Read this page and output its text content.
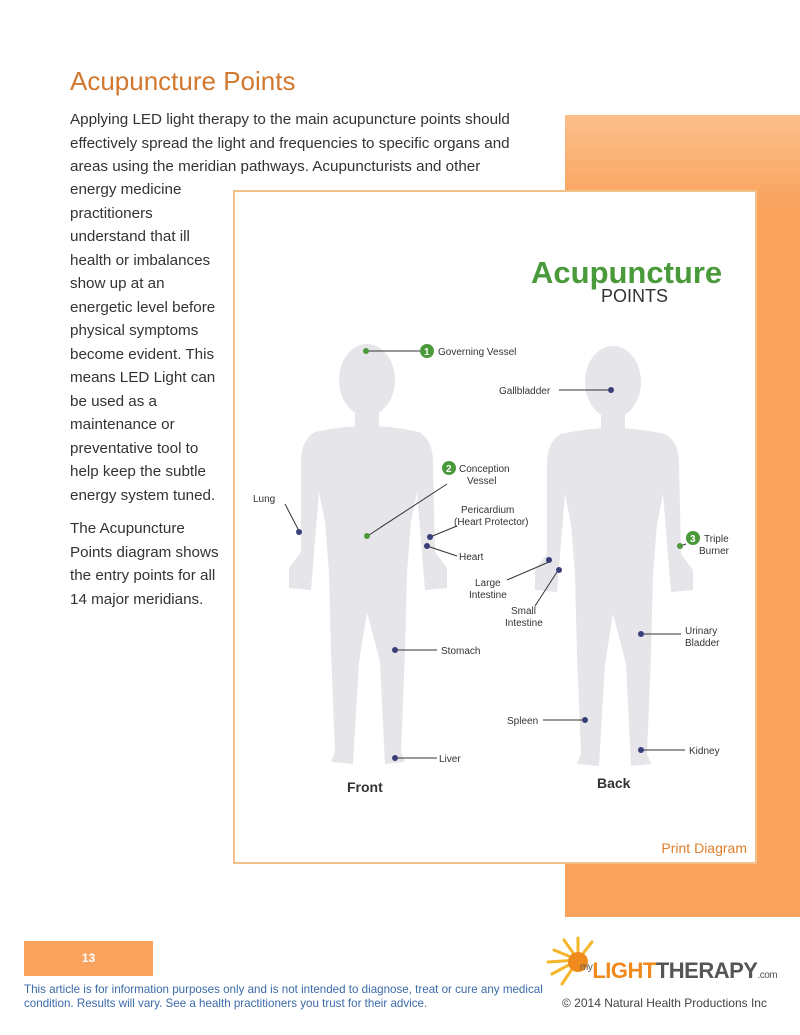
Acupuncture Points

Applying LED light therapy to the main acupuncture points should effectively spread the light and frequencies to specific organs and areas using the meridian pathways. Acupuncturists and other

energy medicine practitioners understand that ill health or imbalances show up at an energetic level before physical symptoms become evident. This means LED Light can be used as a maintenance or preventative tool to help keep the subtle energy system tuned.

The Acupuncture Points diagram shows the entry points for all 14 major meridians.

Acupuncture
POINTS
Front	Back
1 Governing Vessel
2 Conception
Vessel
3 Triple
Burner
Lung
Pericardium
(Heart Protector)
Heart
Large
Intestine
Small
Intestine
Stomach
Liver
Gallbladder
Urinary
Bladder
Spleen
Kidney
Print Diagram
13
This article is for information purposes only and is not intended to diagnose, treat or cure any medical condition. Results will vary. See a health practitioners you trust for their advice.
$^{my}$LIGHTTHERAPY.com
© 2014 Natural Health Productions Inc
